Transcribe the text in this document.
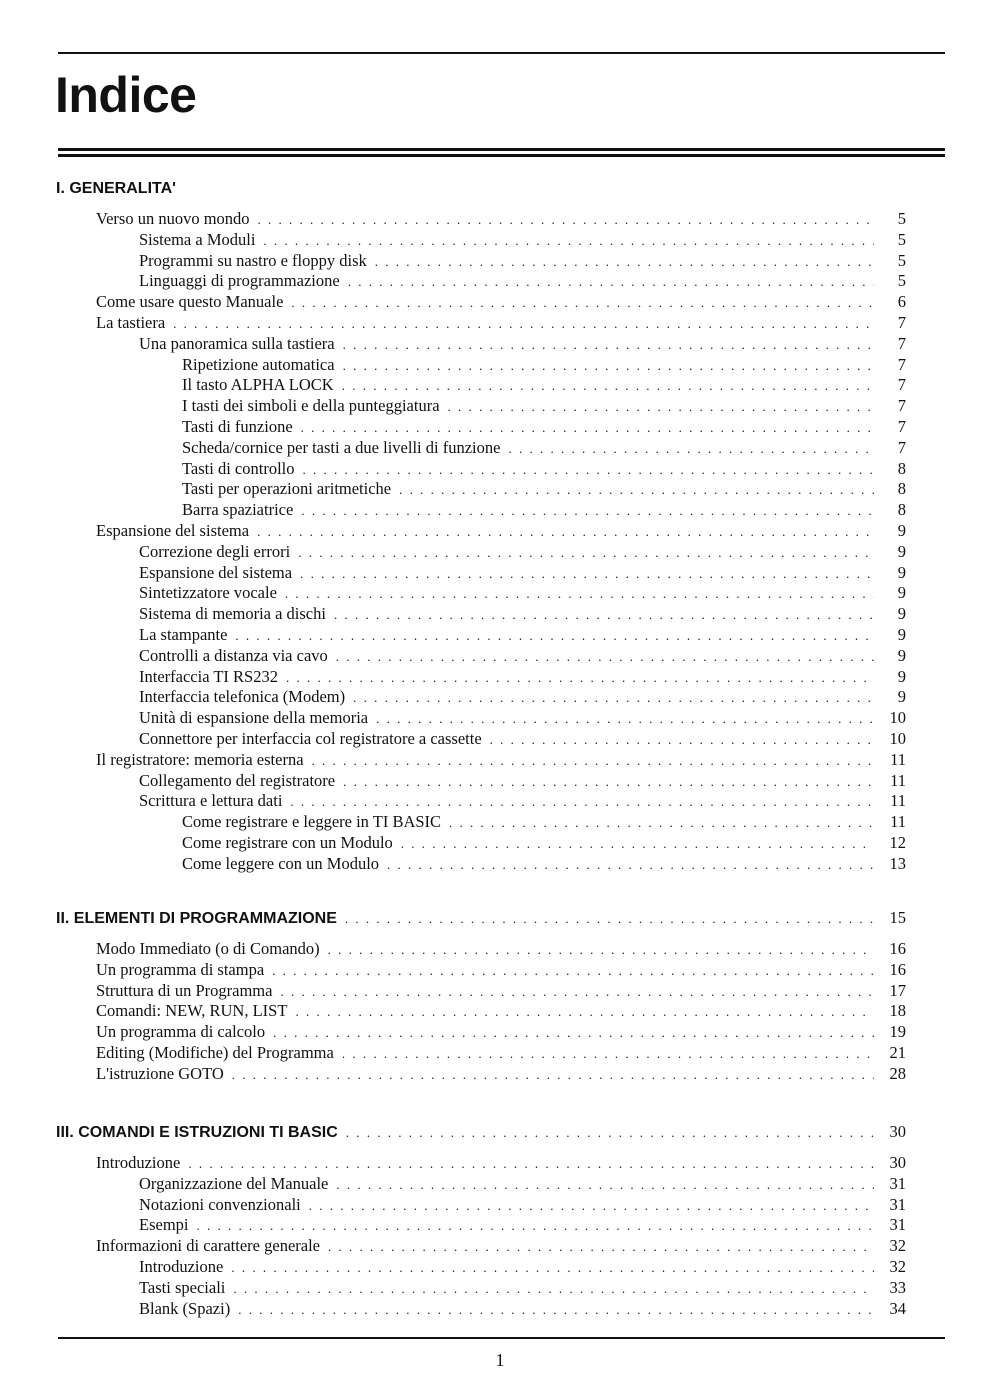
Indice
I. GENERALITA'
Verso un nuovo mondo . . .	5
Sistema a Moduli . . .	5
Programmi su nastro e floppy disk . . .	5
Linguaggi di programmazione . . .	5
Come usare questo Manuale . . .	6
La tastiera . . .	7
Una panoramica sulla tastiera . . .	7
Ripetizione automatica . . .	7
Il tasto ALPHA LOCK . . .	7
I tasti dei simboli e della punteggiatura . . .	7
Tasti di funzione . . .	7
Scheda/cornice per tasti a due livelli di funzione . . .	7
Tasti di controllo . . .	8
Tasti per operazioni aritmetiche . . .	8
Barra spaziatrice . . .	8
Espansione del sistema . . .	9
Correzione degli errori . . .	9
Espansione del sistema . . .	9
Sintetizzatore vocale . . .	9
Sistema di memoria a dischi . . .	9
La stampante . . .	9
Controlli a distanza via cavo . . .	9
Interfaccia TI RS232 . . .	9
Interfaccia telefonica (Modem) . . .	9
Unità di espansione della memoria . . .	10
Connettore per interfaccia col registratore a cassette . . .	10
Il registratore: memoria esterna . . .	11
Collegamento del registratore . . .	11
Scrittura e lettura dati . . .	11
Come registrare e leggere in TI BASIC . . .	11
Come registrare con un Modulo . . .	12
Come leggere con un Modulo . . .	13
II. ELEMENTI DI PROGRAMMAZIONE . . .	15
Modo Immediato (o di Comando) . . .	16
Un programma di stampa . . .	16
Struttura di un Programma . . .	17
Comandi: NEW, RUN, LIST . . .	18
Un programma di calcolo . . .	19
Editing (Modifiche) del Programma . . .	21
L'istruzione GOTO . . .	28
III. COMANDI E ISTRUZIONI TI BASIC . . .	30
Introduzione . . .	30
Organizzazione del Manuale . . .	31
Notazioni convenzionali . . .	31
Esempi . . .	31
Informazioni di carattere generale . . .	32
Introduzione . . .	32
Tasti speciali . . .	33
Blank (Spazi) . . .	34
1
